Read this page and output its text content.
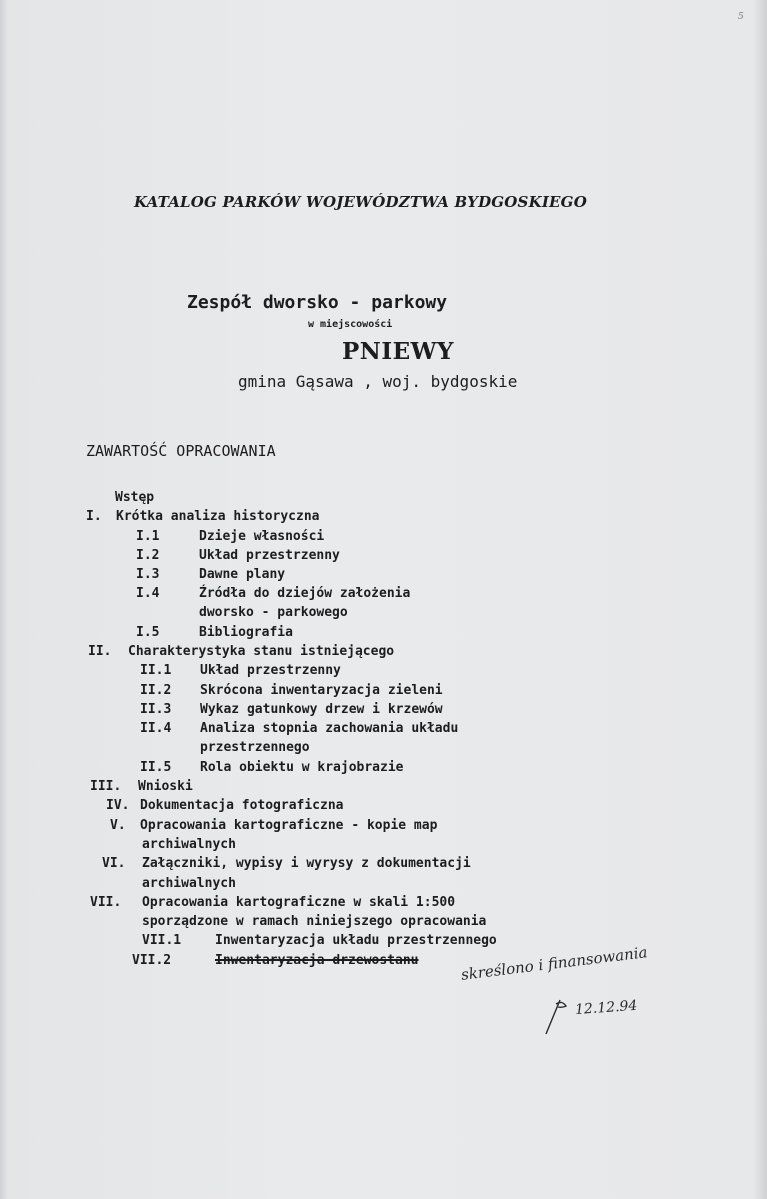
5
KATALOG PARKÓW WOJEWÓDZTWA BYDGOSKIEGO
Zespół dworsko - parkowy
w miejscowości
PNIEWY
gmina Gąsawa , woj. bydgoskie
ZAWARTOŚĆ OPRACOWANIA
Wstęp
I. Krótka analiza historyczna
I.1	Dzieje własności
I.2	Układ przestrzenny
I.3	Dawne plany
I.4	Źródła do dziejów założenia
dworsko - parkowego
I.5	Bibliografia
II. Charakterystyka stanu istniejącego
II.1 Układ przestrzenny
II.2 Skrócona inwentaryzacja zieleni
II.3 Wykaz gatunkowy drzew i krzewów
II.4 Analiza stopnia zachowania układu
przestrzennego
II.5 Rola obiektu w krajobrazie
III. Wnioski
IV. Dokumentacja fotograficzna
V. Opracowania kartograficzne - kopie map
archiwalnych
VI. Załączniki, wypisy i wyrysy z dokumentacji
archiwalnych
VII. Opracowania kartograficzne w skali 1:500
sporządzone w ramach niniejszego opracowania
VII.1	Inwentaryzacja układu przestrzennego
VII.2	Inwentaryzacja drzewostanu	skreślono i finansowania
12.12.94
